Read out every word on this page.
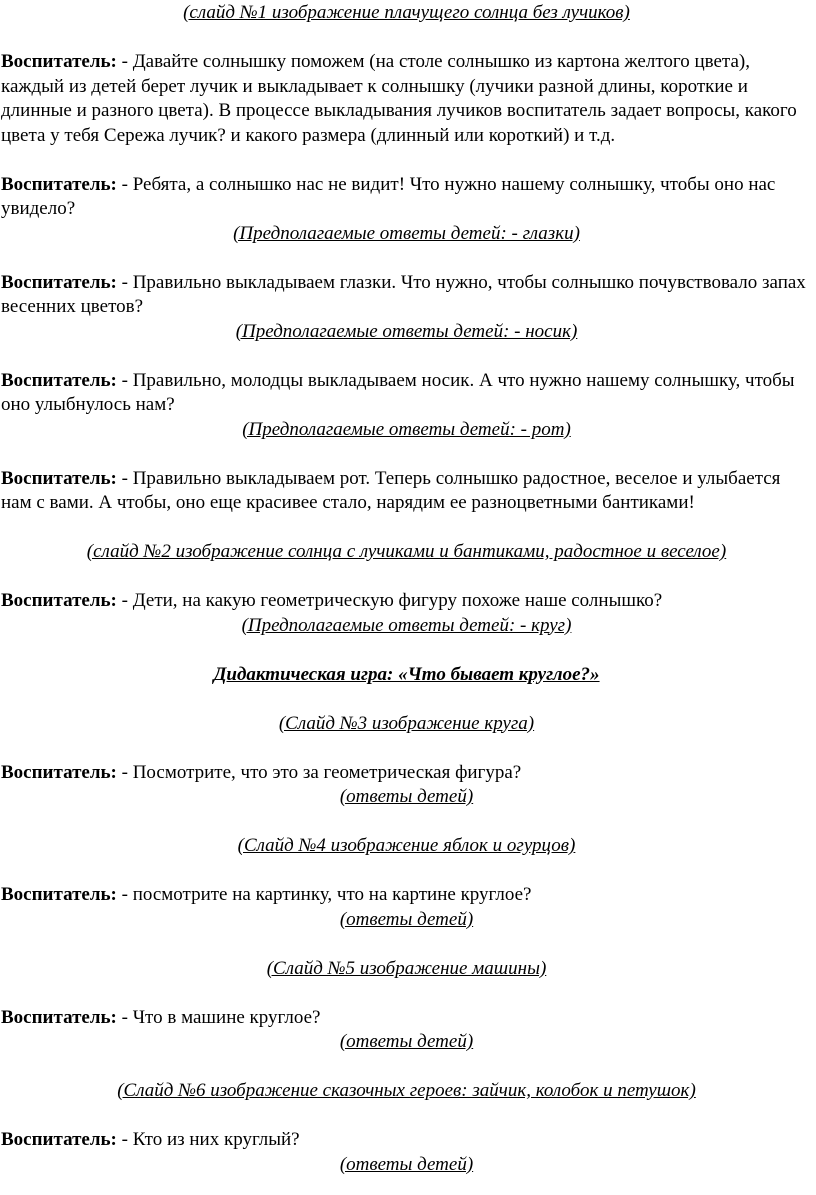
(слайд №1 изображение плачущего солнца без лучиков)

Воспитатель: - Давайте солнышку поможем (на столе солнышко из картона желтого цвета), каждый из детей берет лучик и выкладывает к солнышку (лучики разной длины, короткие и длинные и разного цвета). В процессе выкладывания лучиков воспитатель задает вопросы, какого цвета у тебя Сережа лучик? и какого размера (длинный или короткий) и т.д.

Воспитатель: - Ребята, а солнышко нас не видит! Что нужно нашему солнышку, чтобы оно нас увидело?

(Предполагаемые ответы детей: - глазки)

Воспитатель: - Правильно выкладываем глазки. Что нужно, чтобы солнышко почувствовало запах весенних цветов?

(Предполагаемые ответы детей: - носик)

Воспитатель: - Правильно, молодцы выкладываем носик. А что нужно нашему солнышку, чтобы оно улыбнулось нам?

(Предполагаемые ответы детей: - рот)

Воспитатель: - Правильно выкладываем рот. Теперь солнышко радостное, веселое и улыбается нам с вами. А чтобы, оно еще красивее стало, нарядим ее разноцветными бантиками!

(слайд №2 изображение солнца с лучиками и бантиками, радостное и веселое)

Воспитатель: - Дети, на какую геометрическую фигуру похоже наше солнышко?

(Предполагаемые ответы детей: - круг)

Дидактическая игра: «Что бывает круглое?»

(Слайд №3 изображение круга)

Воспитатель: - Посмотрите, что это за геометрическая фигура?

(ответы детей)

(Слайд №4 изображение яблок и огурцов)

Воспитатель: - посмотрите на картинку, что на картине круглое?

(ответы детей)

(Слайд №5 изображение машины)

Воспитатель: - Что в машине круглое?

(ответы детей)

(Слайд №6 изображение сказочных героев: зайчик, колобок и петушок)

Воспитатель: - Кто из них круглый?

(ответы детей)
